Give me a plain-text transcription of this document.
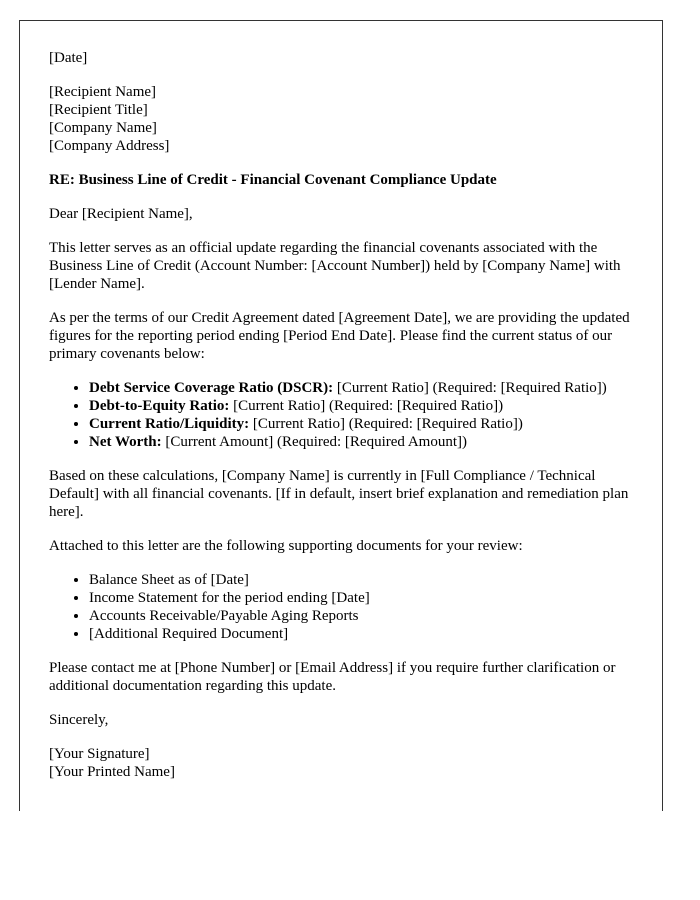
[Date]

[Recipient Name]
[Recipient Title]
[Company Name]
[Company Address]

RE: Business Line of Credit - Financial Covenant Compliance Update

Dear [Recipient Name],

This letter serves as an official update regarding the financial covenants associated with the Business Line of Credit (Account Number: [Account Number]) held by [Company Name] with [Lender Name].

As per the terms of our Credit Agreement dated [Agreement Date], we are providing the updated figures for the reporting period ending [Period End Date]. Please find the current status of our primary covenants below:

• Debt Service Coverage Ratio (DSCR): [Current Ratio] (Required: [Required Ratio])
• Debt-to-Equity Ratio: [Current Ratio] (Required: [Required Ratio])
• Current Ratio/Liquidity: [Current Ratio] (Required: [Required Ratio])
• Net Worth: [Current Amount] (Required: [Required Amount])

Based on these calculations, [Company Name] is currently in [Full Compliance / Technical Default] with all financial covenants. [If in default, insert brief explanation and remediation plan here].

Attached to this letter are the following supporting documents for your review:

• Balance Sheet as of [Date]
• Income Statement for the period ending [Date]
• Accounts Receivable/Payable Aging Reports
• [Additional Required Document]

Please contact me at [Phone Number] or [Email Address] if you require further clarification or additional documentation regarding this update.

Sincerely,

[Your Signature]
[Your Printed Name]
